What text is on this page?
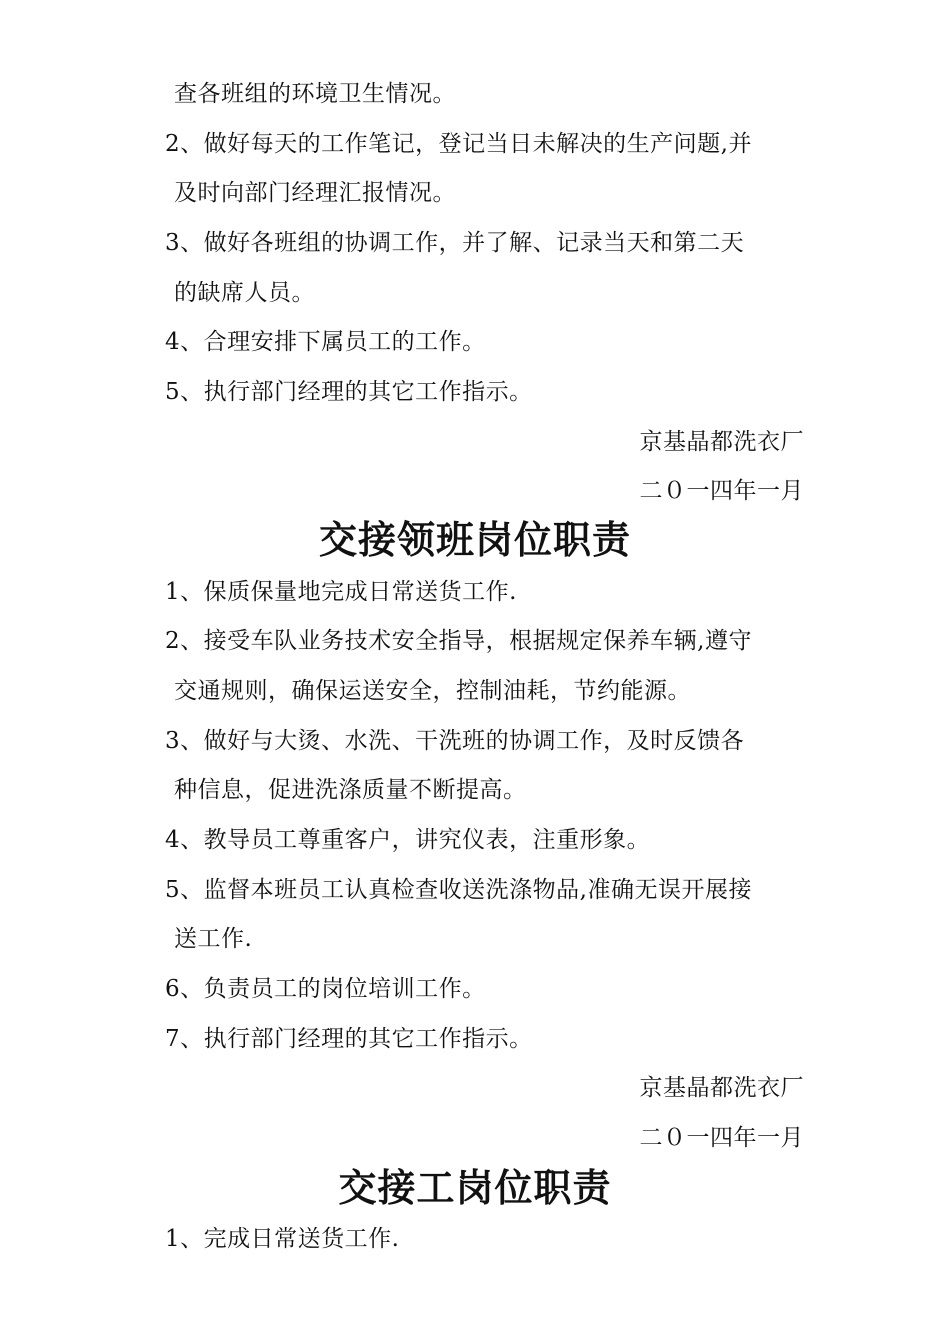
查各班组的环境卫生情况。
2、做好每天的工作笔记，登记当日未解决的生产问题,并
及时向部门经理汇报情况。
3、做好各班组的协调工作，并了解、记录当天和第二天
的缺席人员。
4、合理安排下属员工的工作。
5、执行部门经理的其它工作指示。
京基晶都洗衣厂
二０一四年一月
交接领班岗位职责
1、保质保量地完成日常送货工作.
2、接受车队业务技术安全指导，根据规定保养车辆,遵守
交通规则，确保运送安全，控制油耗，节约能源。
3、做好与大烫、水洗、干洗班的协调工作，及时反馈各
种信息，促进洗涤质量不断提高。
4、教导员工尊重客户，讲究仪表，注重形象。
5、监督本班员工认真检查收送洗涤物品,准确无误开展接
送工作.
6、负责员工的岗位培训工作。
7、执行部门经理的其它工作指示。
京基晶都洗衣厂
二０一四年一月
交接工岗位职责
1、完成日常送货工作.
